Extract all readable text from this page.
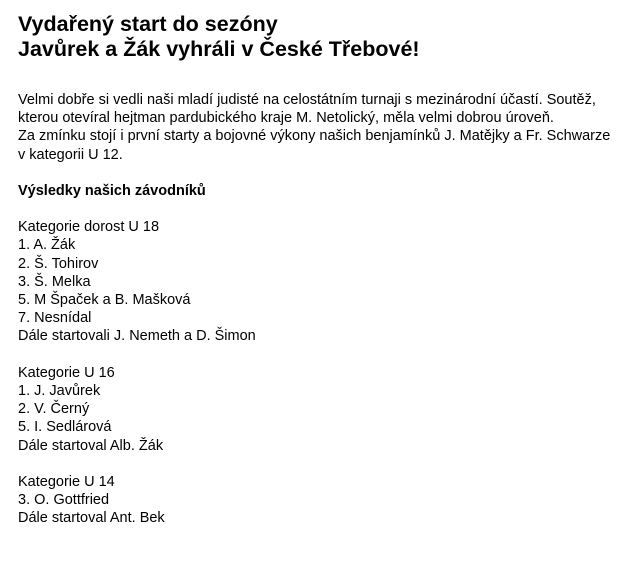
Vydařený start do sezóny
Javůrek a Žák vyhráli v České Třebové!

Velmi dobře si vedli naši mladí judisté na celostátním turnaji s mezinárodní účastí. Soutěž, kterou otevíral hejtman pardubického kraje M. Netolický, měla velmi dobrou úroveň.

Za zmínku stojí i první starty a bojovné výkony našich benjamínků J. Matějky a Fr. Schwarze v kategorii U 12.

Výsledky našich závodníků
Kategorie dorost U 18
1. A. Žák
2. Š. Tohirov
3. Š. Melka
5. M Špaček a B. Mašková
7. Nesnídal
Dále startovali J. Nemeth a D. Šimon
Kategorie U 16
1. J. Javůrek
2. V. Černý
5. I. Sedlárová
Dále startoval Alb. Žák
Kategorie U 14
3. O. Gottfried
Dále startoval Ant. Bek
